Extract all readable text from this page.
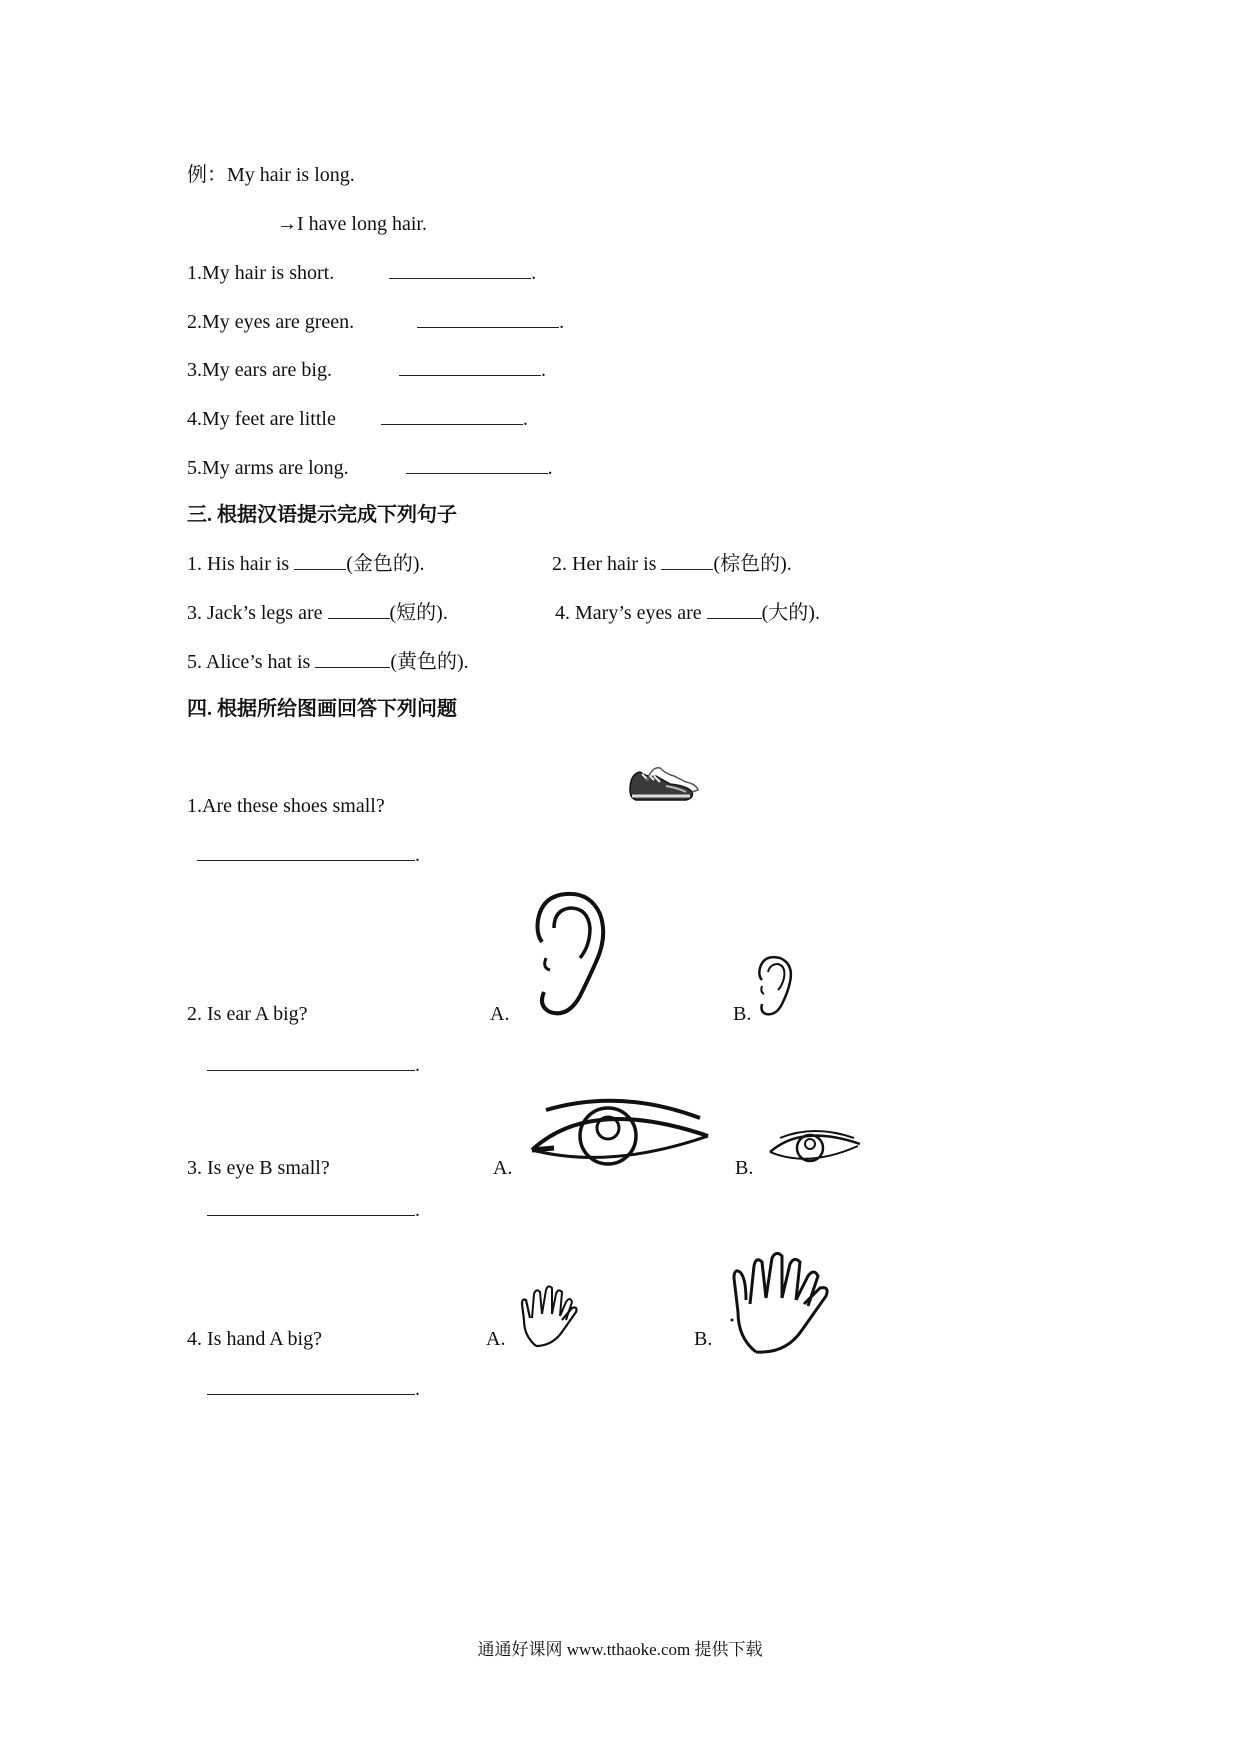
例：My hair is long.
→I have long hair.
1.My hair is short.	.
2.My eyes are green.	.
3.My ears are big.	.
4.My feet are little	.
5.My arms are long.	.
三. 根据汉语提示完成下列句子
1. His hair is	(金色的).	2. Her hair is	(棕色的).
3. Jack’s legs are	(短的).	4. Mary’s eyes are	(大的).
5. Alice’s hat is	(黄色的).
四. 根据所给图画回答下列问题
1.Are these shoes small?
.
2. Is ear A big?	A.	B.
.
3. Is eye B small?	A.	B.
.
4. Is hand A big?	A.	B.
.
通通好课网 www.tthaoke.com 提供下载
